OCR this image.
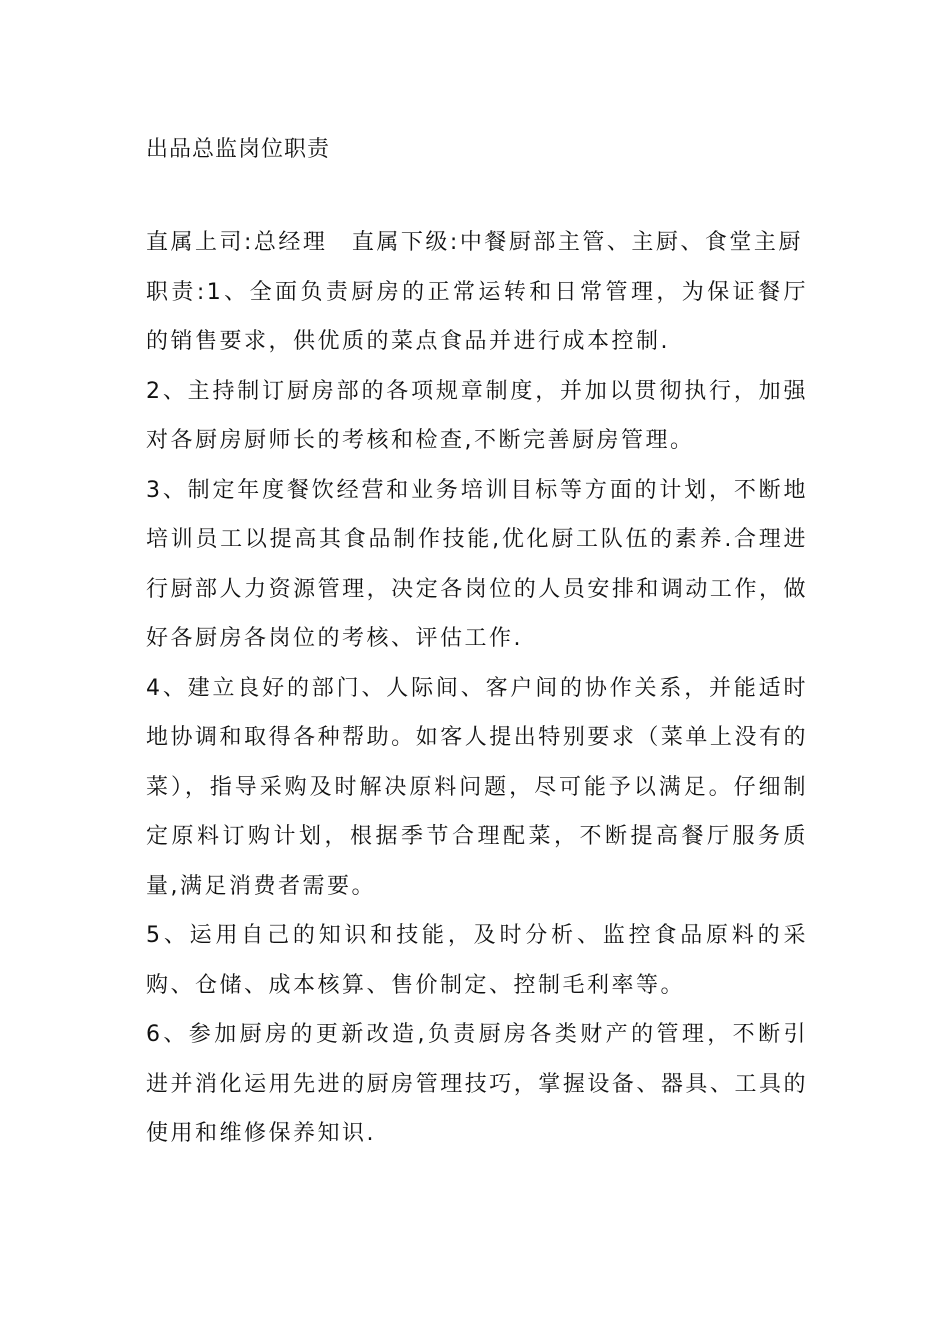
出品总监岗位职责

直属上司:总经理　直属下级:中餐厨部主管、主厨、食堂主厨

职责:1、全面负责厨房的正常运转和日常管理，为保证餐厅的销售要求，供优质的菜点食品并进行成本控制.

2、主持制订厨房部的各项规章制度，并加以贯彻执行，加强对各厨房厨师长的考核和检查,不断完善厨房管理。

3、制定年度餐饮经营和业务培训目标等方面的计划，不断地培训员工以提高其食品制作技能,优化厨工队伍的素养.合理进行厨部人力资源管理，决定各岗位的人员安排和调动工作，做好各厨房各岗位的考核、评估工作.

4、建立良好的部门、人际间、客户间的协作关系，并能适时地协调和取得各种帮助。如客人提出特别要求（菜单上没有的菜），指导采购及时解决原料问题，尽可能予以满足。仔细制定原料订购计划，根据季节合理配菜，不断提高餐厅服务质量,满足消费者需要。

5、运用自己的知识和技能，及时分析、监控食品原料的采购、仓储、成本核算、售价制定、控制毛利率等。

6、参加厨房的更新改造,负责厨房各类财产的管理，不断引进并消化运用先进的厨房管理技巧，掌握设备、器具、工具的使用和维修保养知识.
